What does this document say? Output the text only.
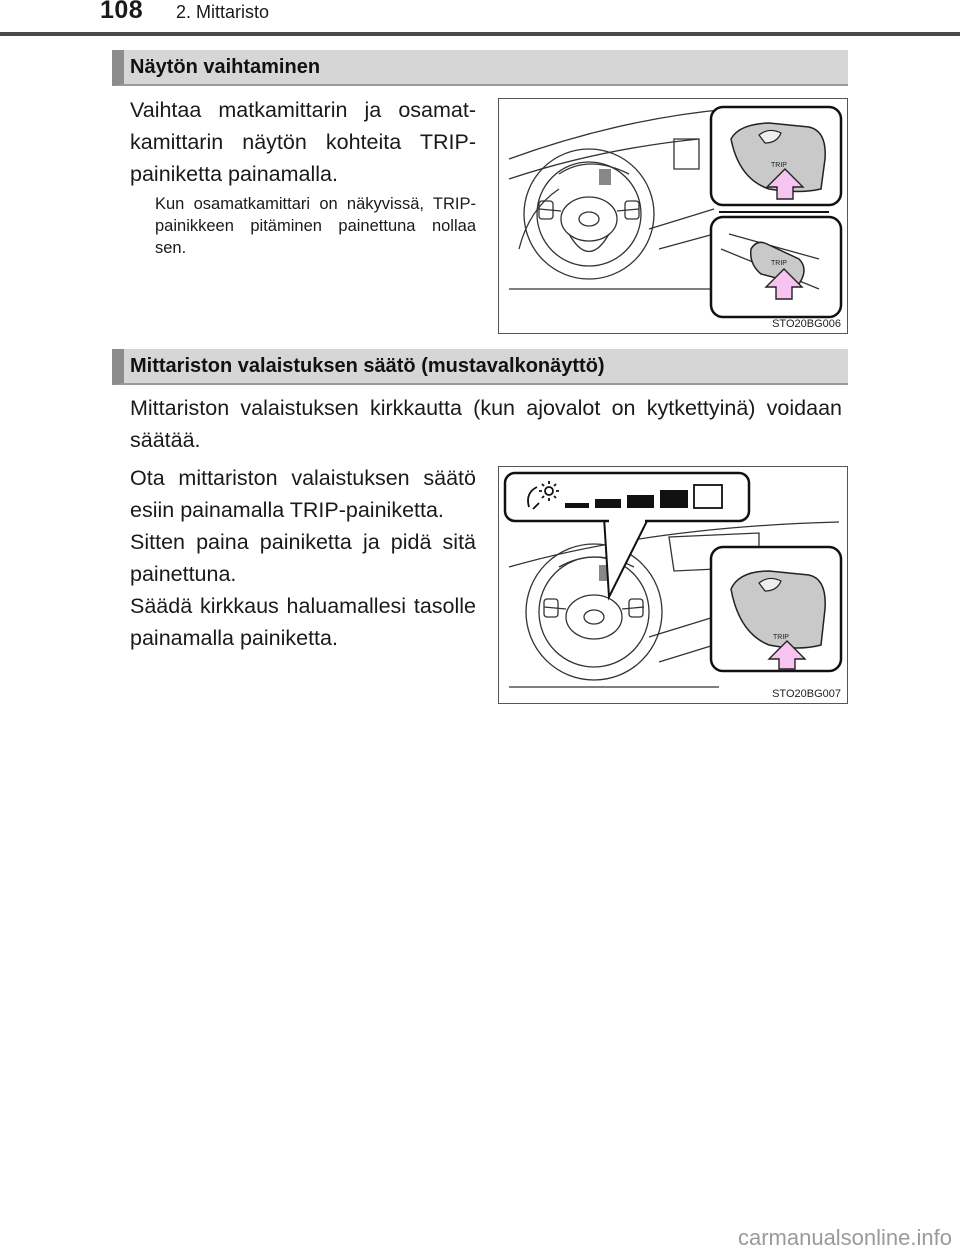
108 2. Mittaristo
Näytön vaihtaminen
Vaihtaa matkamittarin ja osamatkamittarin näytön kohteita TRIP-painiketta painamalla.
Kun osamatkamittari on näkyvissä, TRIP-painikkeen pitäminen painettuna nollaa sen.
TRIP
TRIP
STO20BG006
Mittariston valaistuksen säätö (mustavalkonäyttö)
Mittariston valaistuksen kirkkautta (kun ajovalot on kytkettyinä) voidaan säätää.
Ota mittariston valaistuksen säätö esiin painamalla TRIP-painiketta.
Sitten paina painiketta ja pidä sitä painettuna.
Säädä kirkkaus haluamallesi tasolle painamalla painiketta.	TRIP
STO20BG007
carmanualsonline.info
